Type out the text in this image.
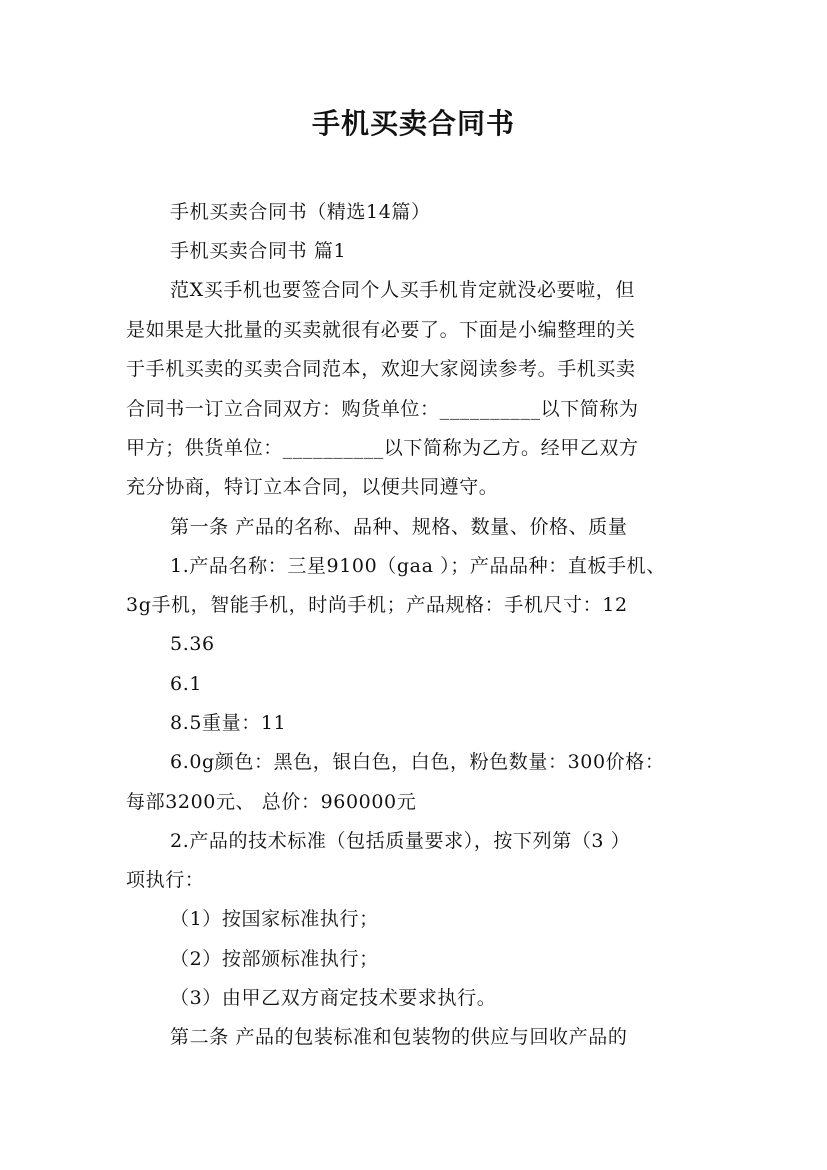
手机买卖合同书
手机买卖合同书（精选14篇）
手机买卖合同书 篇1
范X买手机也要签合同个人买手机肯定就没必要啦，但
是如果是大批量的买卖就很有必要了。下面是小编整理的关
于手机买卖的买卖合同范本，欢迎大家阅读参考。手机买卖
合同书一订立合同双方：购货单位：__________以下简称为
甲方；供货单位：__________以下简称为乙方。经甲乙双方
充分协商，特订立本合同，以便共同遵守。
第一条 产品的名称、品种、规格、数量、价格、质量
1.产品名称：三星9100（gaa ）；产品品种：直板手机、
3g手机，智能手机，时尚手机；产品规格：手机尺寸：12
5.36
6.1
8.5重量：11
6.0g颜色：黑色，银白色，白色，粉色数量：300价格：
每部3200元、 总价：960000元
2.产品的技术标准（包括质量要求），按下列第（3 ）
项执行：
（1）按国家标准执行；
（2）按部颁标准执行；
（3）由甲乙双方商定技术要求执行。
第二条 产品的包装标准和包装物的供应与回收产品的
